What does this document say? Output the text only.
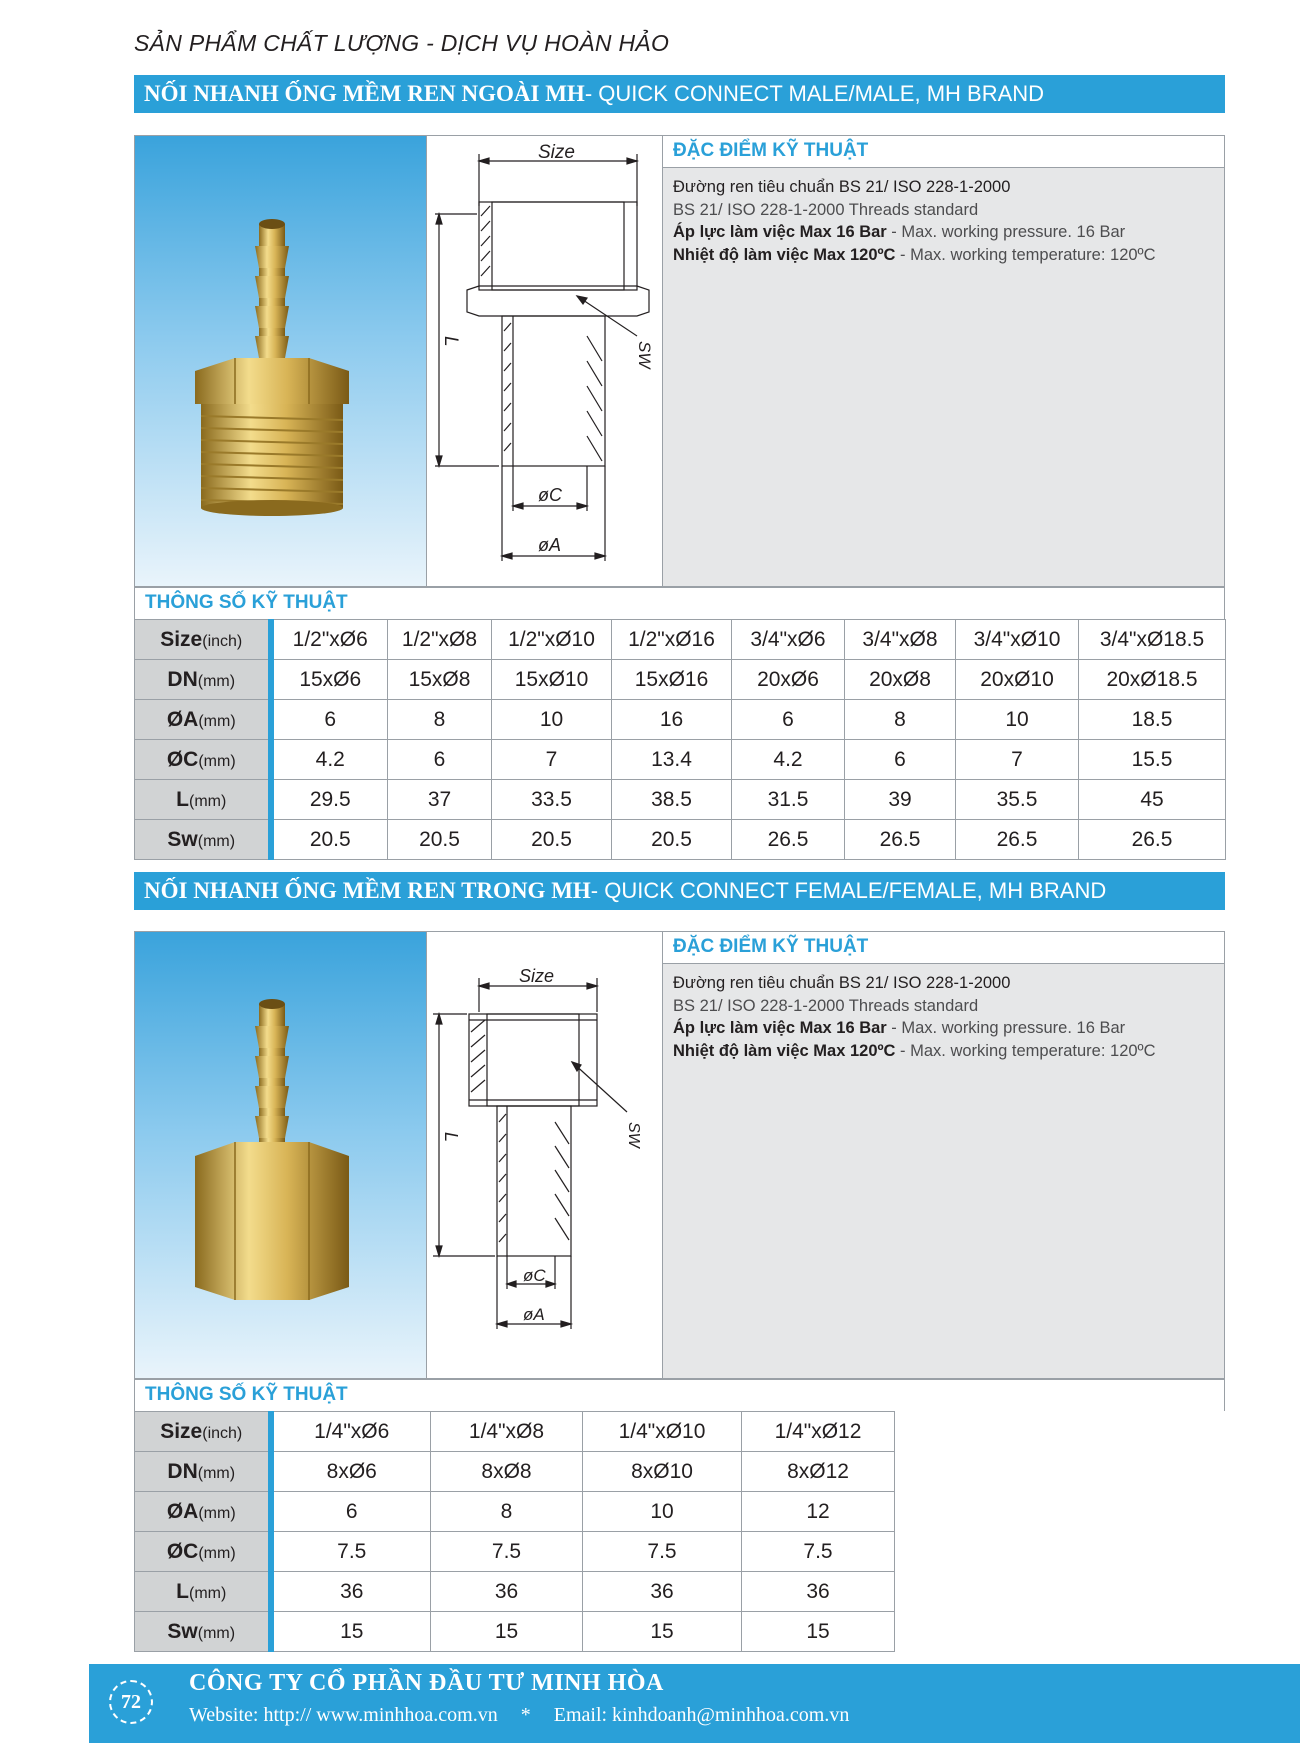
SẢN PHẨM CHẤT LƯỢNG - DỊCH VỤ HOÀN HẢO
NỐI NHANH ỐNG MỀM REN NGOÀI MH - QUICK CONNECT MALE/MALE, MH BRAND
Size
L	SW
øC
øA
ĐẶC ĐIỂM KỸ THUẬT
Đường ren tiêu chuẩn BS 21/ ISO 228-1-2000
BS 21/ ISO 228-1-2000 Threads standard
Áp lực làm việc Max 16 Bar - Max. working pressure. 16 Bar
Nhiệt độ làm việc Max 120ºC - Max. working temperature: 120ºC
THÔNG SỐ KỸ THUẬT
Size(inch)	1/2"xØ6	1/2"xØ8	1/2"xØ10	1/2"xØ16	3/4"xØ6	3/4"xØ8	3/4"xØ10	3/4"xØ18.5
DN(mm)	15xØ6	15xØ8	15xØ10	15xØ16	20xØ6	20xØ8	20xØ10	20xØ18.5
ØA(mm)	6	8	10	16	6	8	10	18.5
ØC(mm)	4.2	6	7	13.4	4.2	6	7	15.5
L(mm)	29.5	37	33.5	38.5	31.5	39	35.5	45
Sw(mm)	20.5	20.5	20.5	20.5	26.5	26.5	26.5	26.5
NỐI NHANH ỐNG MỀM REN TRONG MH - QUICK CONNECT FEMALE/FEMALE, MH BRAND
Size
L	SW
øC
øA
ĐẶC ĐIỂM KỸ THUẬT
Đường ren tiêu chuẩn BS 21/ ISO 228-1-2000
BS 21/ ISO 228-1-2000 Threads standard
Áp lực làm việc Max 16 Bar - Max. working pressure. 16 Bar
Nhiệt độ làm việc Max 120ºC - Max. working temperature: 120ºC
THÔNG SỐ KỸ THUẬT
Size(inch)	1/4"xØ6	1/4"xØ8	1/4"xØ10	1/4"xØ12
DN(mm)	8xØ6	8xØ8	8xØ10	8xØ12
ØA(mm)	6	8	10	12
ØC(mm)	7.5	7.5	7.5	7.5
L(mm)	36	36	36	36
Sw(mm)	15	15	15	15
72
CÔNG TY CỔ PHẦN ĐẦU TƯ MINH HÒA
Website: http:// www.minhhoa.com.vn * Email: kinhdoanh@minhhoa.com.vn
